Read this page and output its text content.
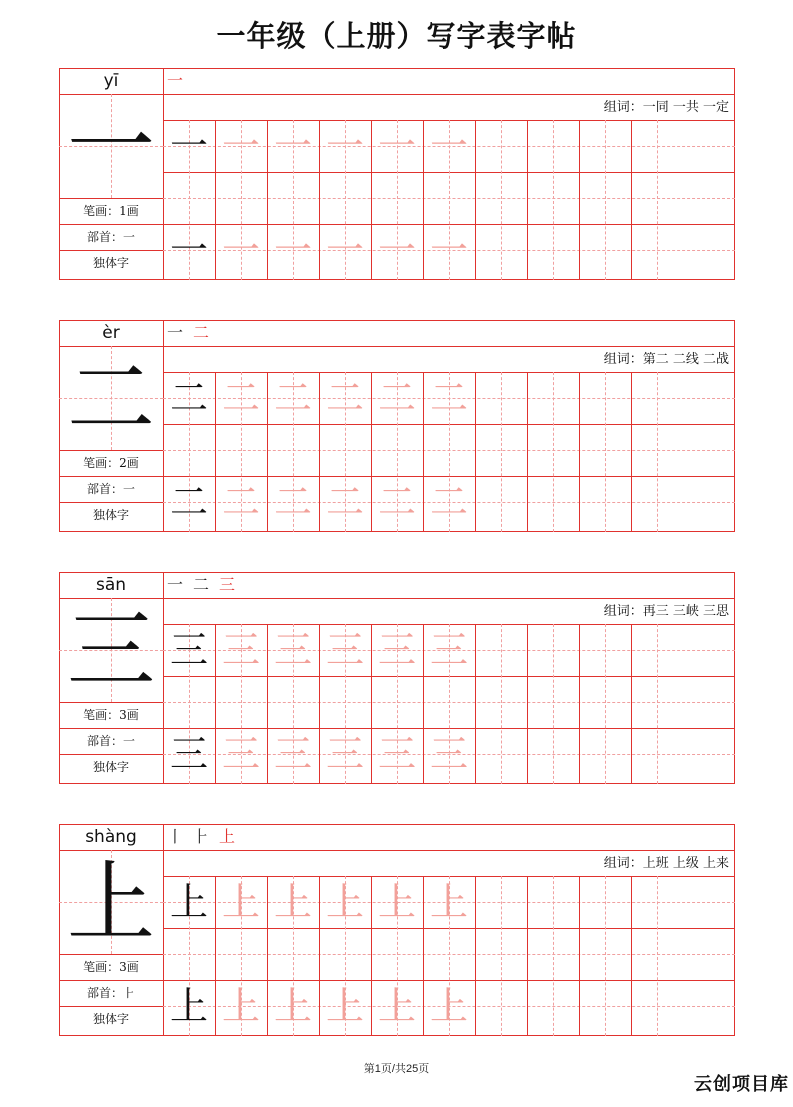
一年级（上册）写字表字帖
yī	一
组词：一同 一共 一定
一
笔画：1画
部首：一
独体字
一 一 一 一 一 一
一 一 一 一 一 一
èr	一 二
组词：第二 二线 二战
二
笔画：2画
部首：一
独体字
二 二 二 二 二 二
二 二 二 二 二 二
sān	一 二 三
组词：再三 三峡 三思
三
笔画：3画
部首：一
独体字
三 三 三 三 三 三
三 三 三 三 三 三
shàng	丨 ⺊ 上
组词：上班 上级 上来
上
笔画：3画
部首：⺊
独体字
上 上 上 上 上 上
上 上 上 上 上 上
第1页/共25页
云创项目库
